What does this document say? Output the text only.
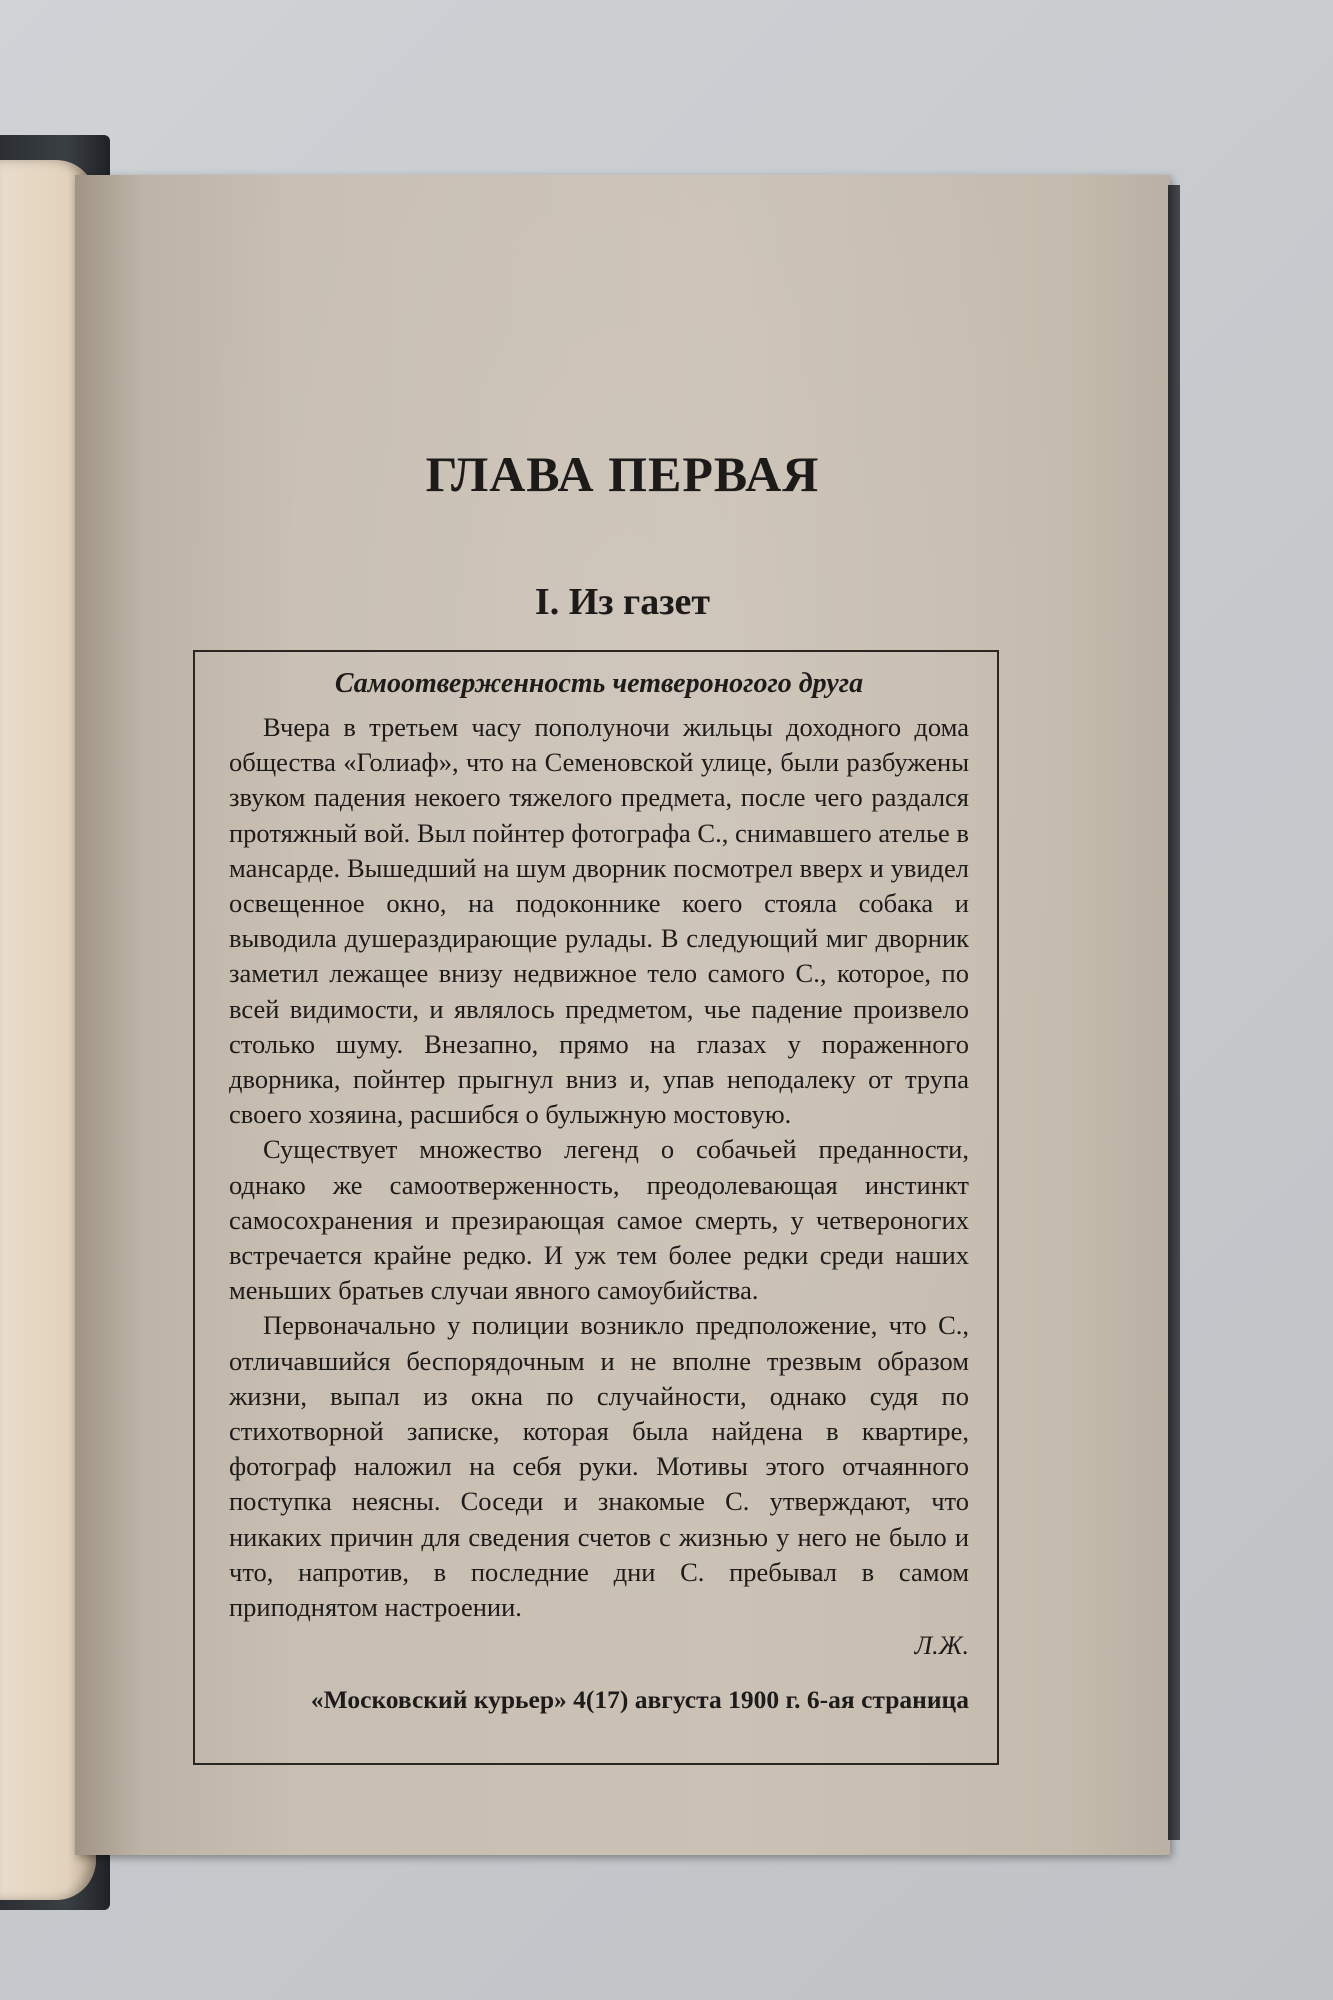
ГЛАВА ПЕРВАЯ
I. Из газет
Самоотверженность четвероногого друга

Вчера в третьем часу пополуночи жильцы доходного дома общества «Голиаф», что на Семеновской улице, были разбужены звуком падения некоего тяжелого предмета, после чего раздался протяжный вой. Выл пойнтер фотографа С., снимавшего ателье в мансарде. Вышедший на шум дворник посмотрел вверх и увидел освещенное окно, на подоконнике коего стояла собака и выводила душераздирающие рулады. В следующий миг дворник заметил лежащее внизу недвижное тело самого С., которое, по всей видимости, и являлось предметом, чье падение произвело столько шуму. Внезапно, прямо на глазах у пораженного дворника, пойнтер прыгнул вниз и, упав неподалеку от трупа своего хозяина, расшибся о булыжную мостовую.

Существует множество легенд о собачьей преданности, однако же самоотверженность, преодолевающая инстинкт самосохранения и презирающая самое смерть, у четвероногих встречается крайне редко. И уж тем более редки среди наших меньших братьев случаи явного самоубийства.

Первоначально у полиции возникло предположение, что С., отличавшийся беспорядочным и не вполне трезвым образом жизни, выпал из окна по случайности, однако судя по стихотворной записке, которая была найдена в квартире, фотограф наложил на себя руки. Мотивы этого отчаянного поступка неясны. Соседи и знакомые С. утверждают, что никаких причин для сведения счетов с жизнью у него не было и что, напротив, в последние дни С. пребывал в самом приподнятом настроении.

Л.Ж.
«Московский курьер» 4(17) августа 1900 г. 6-ая страница
